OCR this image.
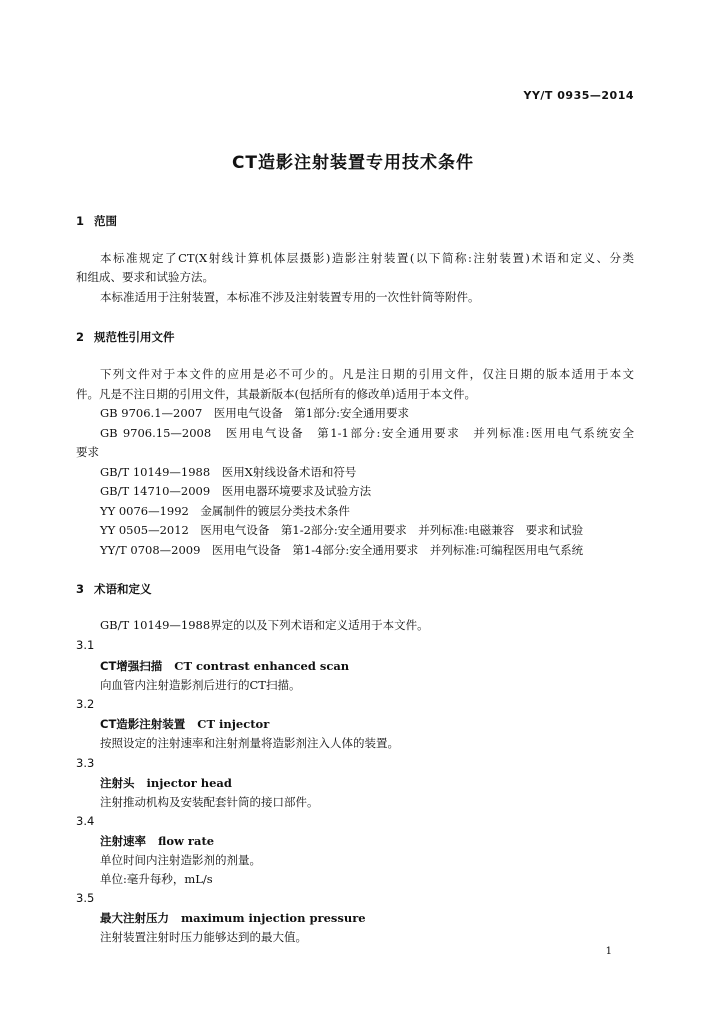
YY/T 0935—2014
CT造影注射装置专用技术条件
1 范围
本标准规定了CT(X射线计算机体层摄影)造影注射装置(以下简称:注射装置)术语和定义、分类
和组成、要求和试验方法。
本标准适用于注射装置，本标准不涉及注射装置专用的一次性针筒等附件。
2 规范性引用文件
下列文件对于本文件的应用是必不可少的。凡是注日期的引用文件，仅注日期的版本适用于本文
件。凡是不注日期的引用文件，其最新版本(包括所有的修改单)适用于本文件。
GB 9706.1—2007　医用电气设备　第1部分:安全通用要求
GB 9706.15—2008　医用电气设备　第1-1部分:安全通用要求　并列标准:医用电气系统安全
要求
GB/T 10149—1988　医用X射线设备术语和符号
GB/T 14710—2009　医用电器环境要求及试验方法
YY 0076—1992　金属制件的镀层分类技术条件
YY 0505—2012　医用电气设备　第1-2部分:安全通用要求　并列标准:电磁兼容　要求和试验
YY/T 0708—2009　医用电气设备　第1-4部分:安全通用要求　并列标准:可编程医用电气系统
3 术语和定义
GB/T 10149—1988界定的以及下列术语和定义适用于本文件。
3.1
CT增强扫描 CT contrast enhanced scan
向血管内注射造影剂后进行的CT扫描。
3.2
CT造影注射装置 CT injector
按照设定的注射速率和注射剂量将造影剂注入人体的装置。
3.3
注射头 injector head
注射推动机构及安装配套针筒的接口部件。
3.4
注射速率 flow rate
单位时间内注射造影剂的剂量。
单位:毫升每秒，mL/s
3.5
最大注射压力 maximum injection pressure
注射装置注射时压力能够达到的最大值。
1
